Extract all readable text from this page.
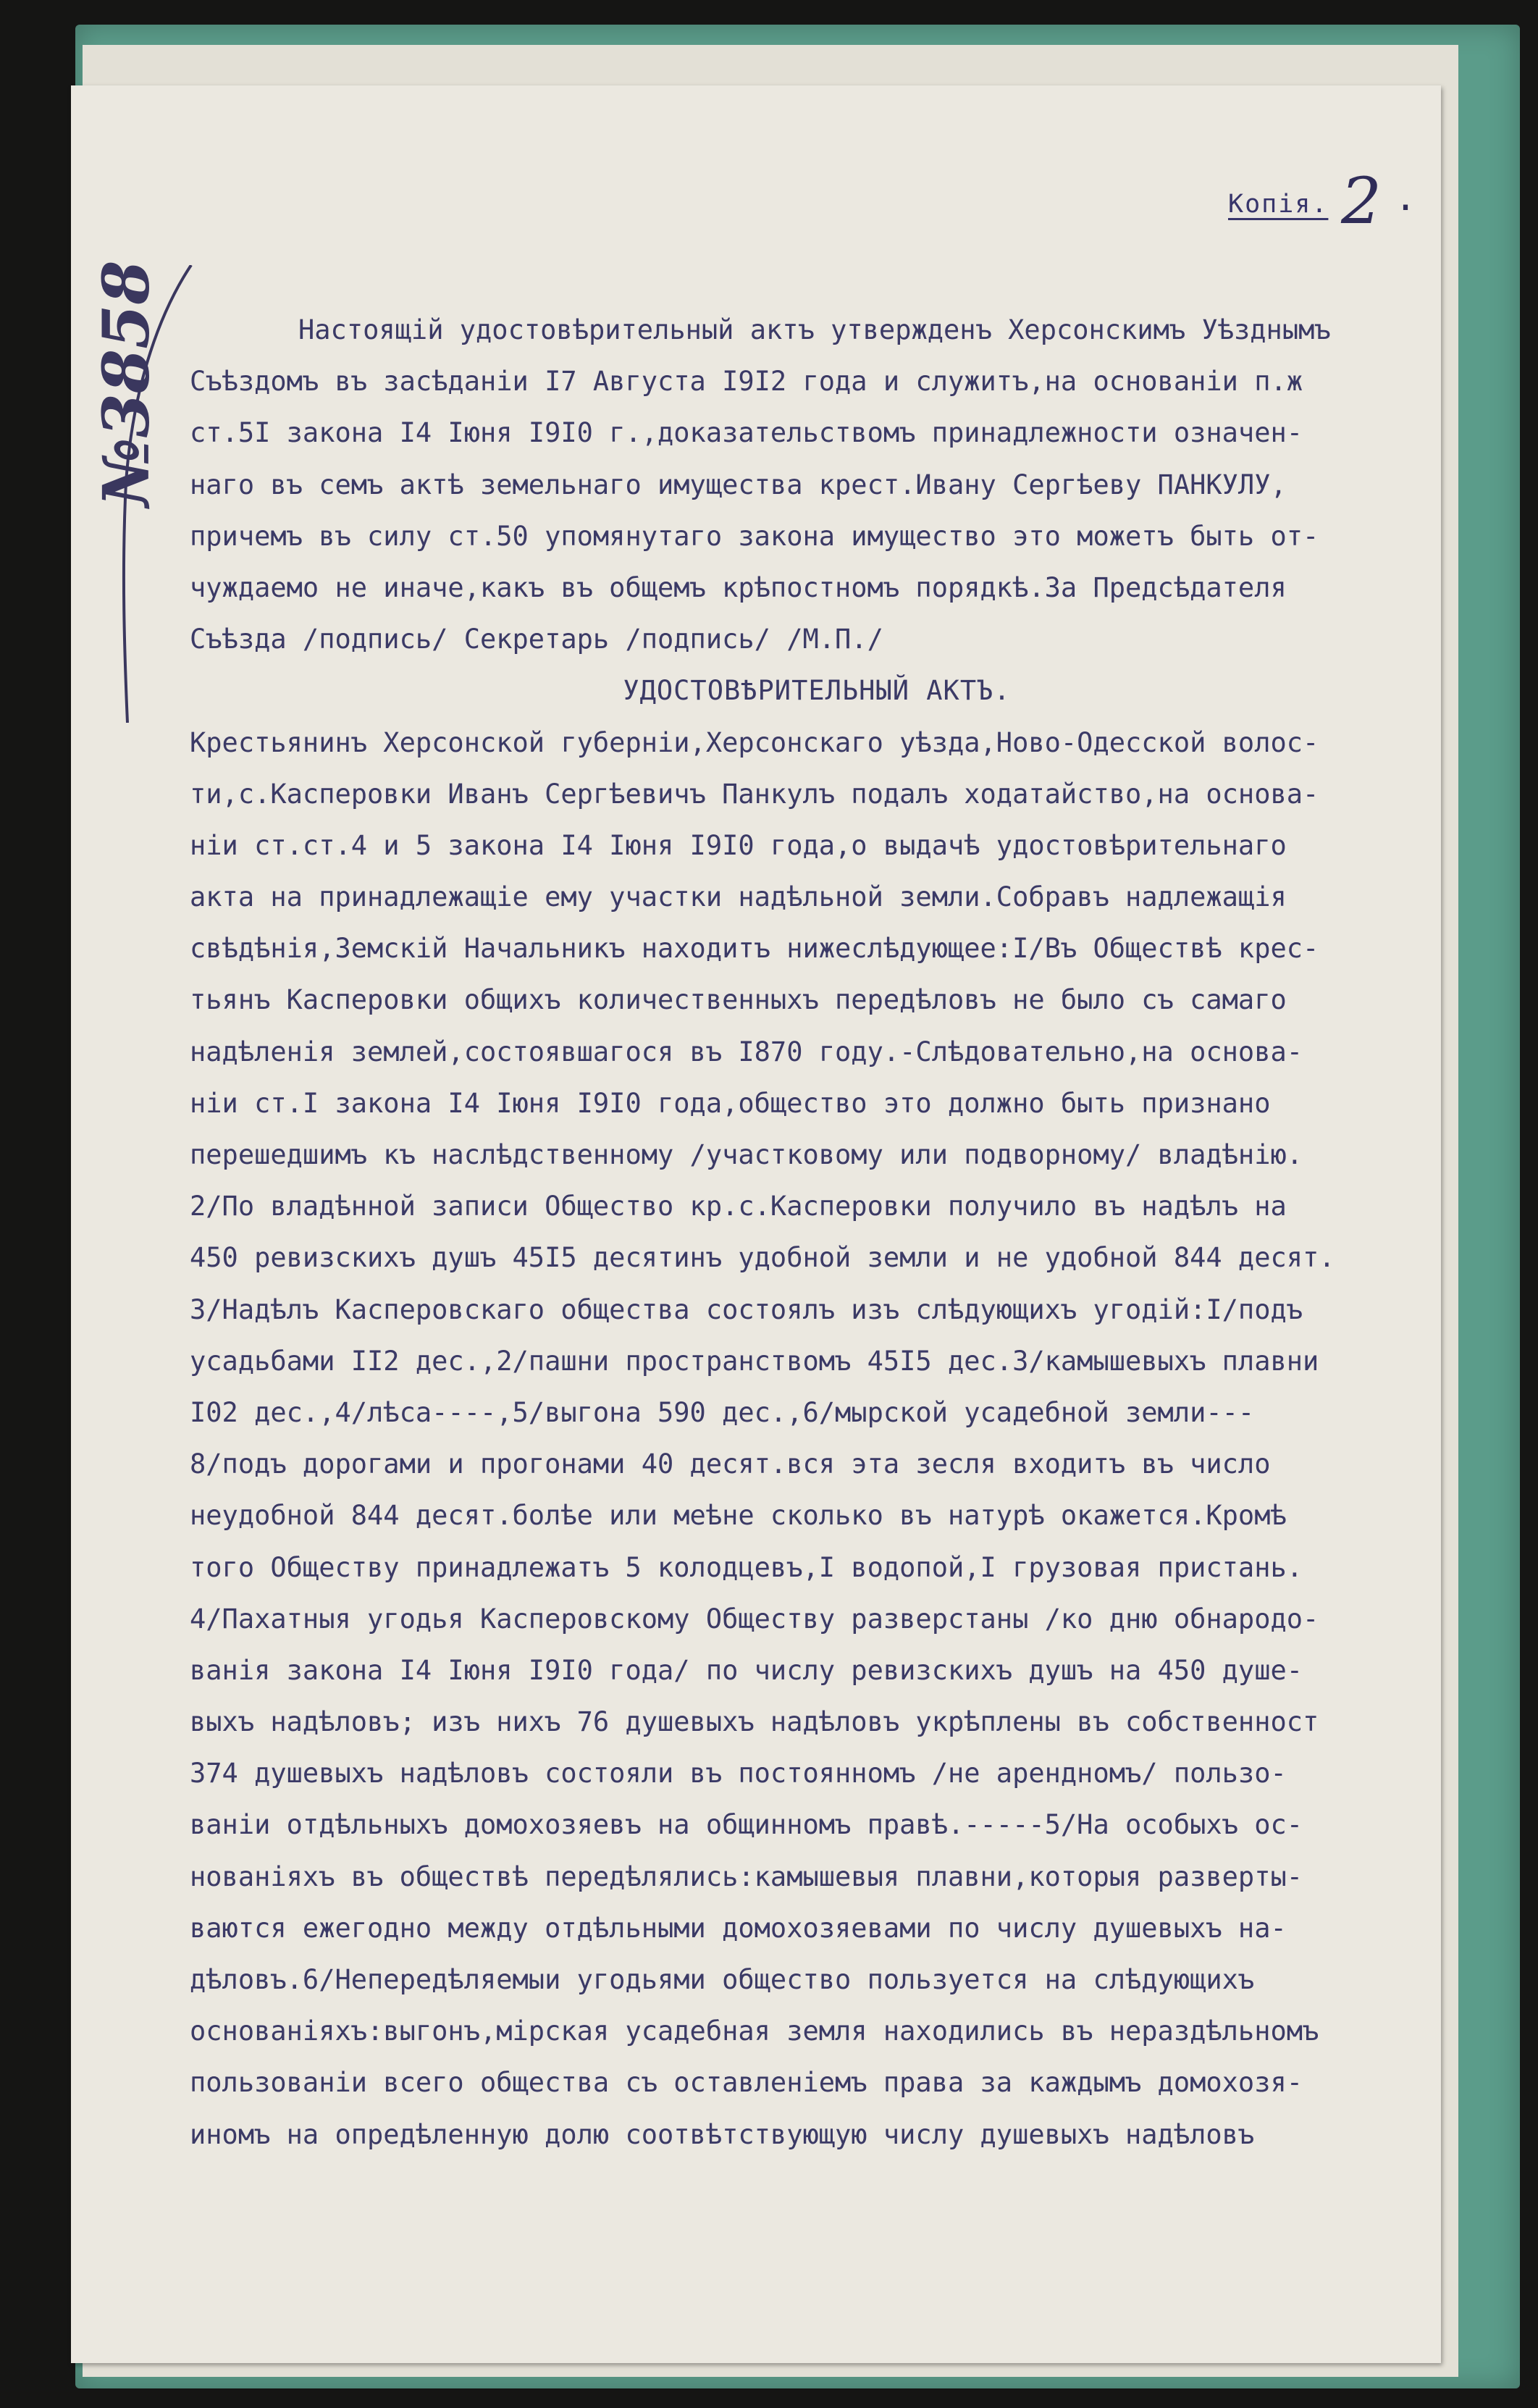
Копія. 2 .
№3858	Настоящій удостовѣрительный актъ утвержденъ Херсонскимъ Уѣзднымъ
Съѣздомъ въ засѣданіи I7 Августа I9I2 года и служитъ,на основаніи п.ж
ст.5I закона I4 Іюня I9I0 г.,доказательствомъ принадлежности означен-
наго въ семъ актѣ земельнаго имущества крест.Ивану Сергѣеву ПАНКУЛУ,
причемъ въ силу ст.50 упомянутаго закона имущество это можетъ быть от-
чуждаемо не иначе,какъ въ общемъ крѣпостномъ порядкѣ.За Предсѣдателя
Съѣзда /подпись/ Секретарь /подпись/ /М.П./
УДОСТОВѢРИТЕЛЬНЫЙ АКТЪ.
Крестьянинъ Херсонской губерніи,Херсонскаго уѣзда,Ново-Одесской волос-
ти,с.Касперовки Иванъ Сергѣевичъ Панкулъ подалъ ходатайство,на основа-
ніи ст.ст.4 и 5 закона I4 Іюня I9I0 года,о выдачѣ удостовѣрительнаго
акта на принадлежащіе ему участки надѣльной земли.Собравъ надлежащія
свѣдѣнія,Земскій Начальникъ находитъ нижеслѣдующее:I/Въ Обществѣ крес-
тьянъ Касперовки общихъ количественныхъ передѣловъ не было съ самаго
надѣленія землей,состоявшагося въ I870 году.-Слѣдовательно,на основа-
ніи ст.I закона I4 Іюня I9I0 года,общество это должно быть признано
перешедшимъ къ наслѣдственному /участковому или подворному/ владѣнію.
2/По владѣнной записи Общество кр.с.Касперовки получило въ надѣлъ на
450 ревизскихъ душъ 45I5 десятинъ удобной земли и не удобной 844 десят.
3/Надѣлъ Касперовскаго общества состоялъ изъ слѣдующихъ угодій:I/подъ
усадьбами II2 дес.,2/пашни пространствомъ 45I5 дес.3/камышевыхъ плавни
I02 дес.,4/лѣса----,5/выгона 590 дес.,6/мырской усадебной земли---
8/подъ дорогами и прогонами 40 десят.вся эта зесля входитъ въ число
неудобной 844 десят.болѣе или меѣне сколько въ натурѣ окажется.Кромѣ
того Обществу принадлежатъ 5 колодцевъ,I водопой,I грузовая пристань.
4/Пахатныя угодья Касперовскому Обществу разверстаны /ко дню обнародо-
ванія закона I4 Іюня I9I0 года/ по числу ревизскихъ душъ на 450 душе-
выхъ надѣловъ; изъ нихъ 76 душевыхъ надѣловъ укрѣплены въ собственност
374 душевыхъ надѣловъ состояли въ постоянномъ /не арендномъ/ пользо-
ваніи отдѣльныхъ домохозяевъ на общинномъ правѣ.-----5/На особыхъ ос-
нованіяхъ въ обществѣ передѣлялись:камышевыя плавни,которыя разверты-
ваются ежегодно между отдѣльными домохозяевами по числу душевыхъ на-
дѣловъ.6/Непередѣляемыи угодьями общество пользуется на слѣдующихъ
основаніяхъ:выгонъ,мірская усадебная земля находились въ нераздѣльномъ
пользованіи всего общества съ оставленіемъ права за каждымъ домохозя-
иномъ на опредѣленную долю соотвѣтствующую числу душевыхъ надѣловъ
